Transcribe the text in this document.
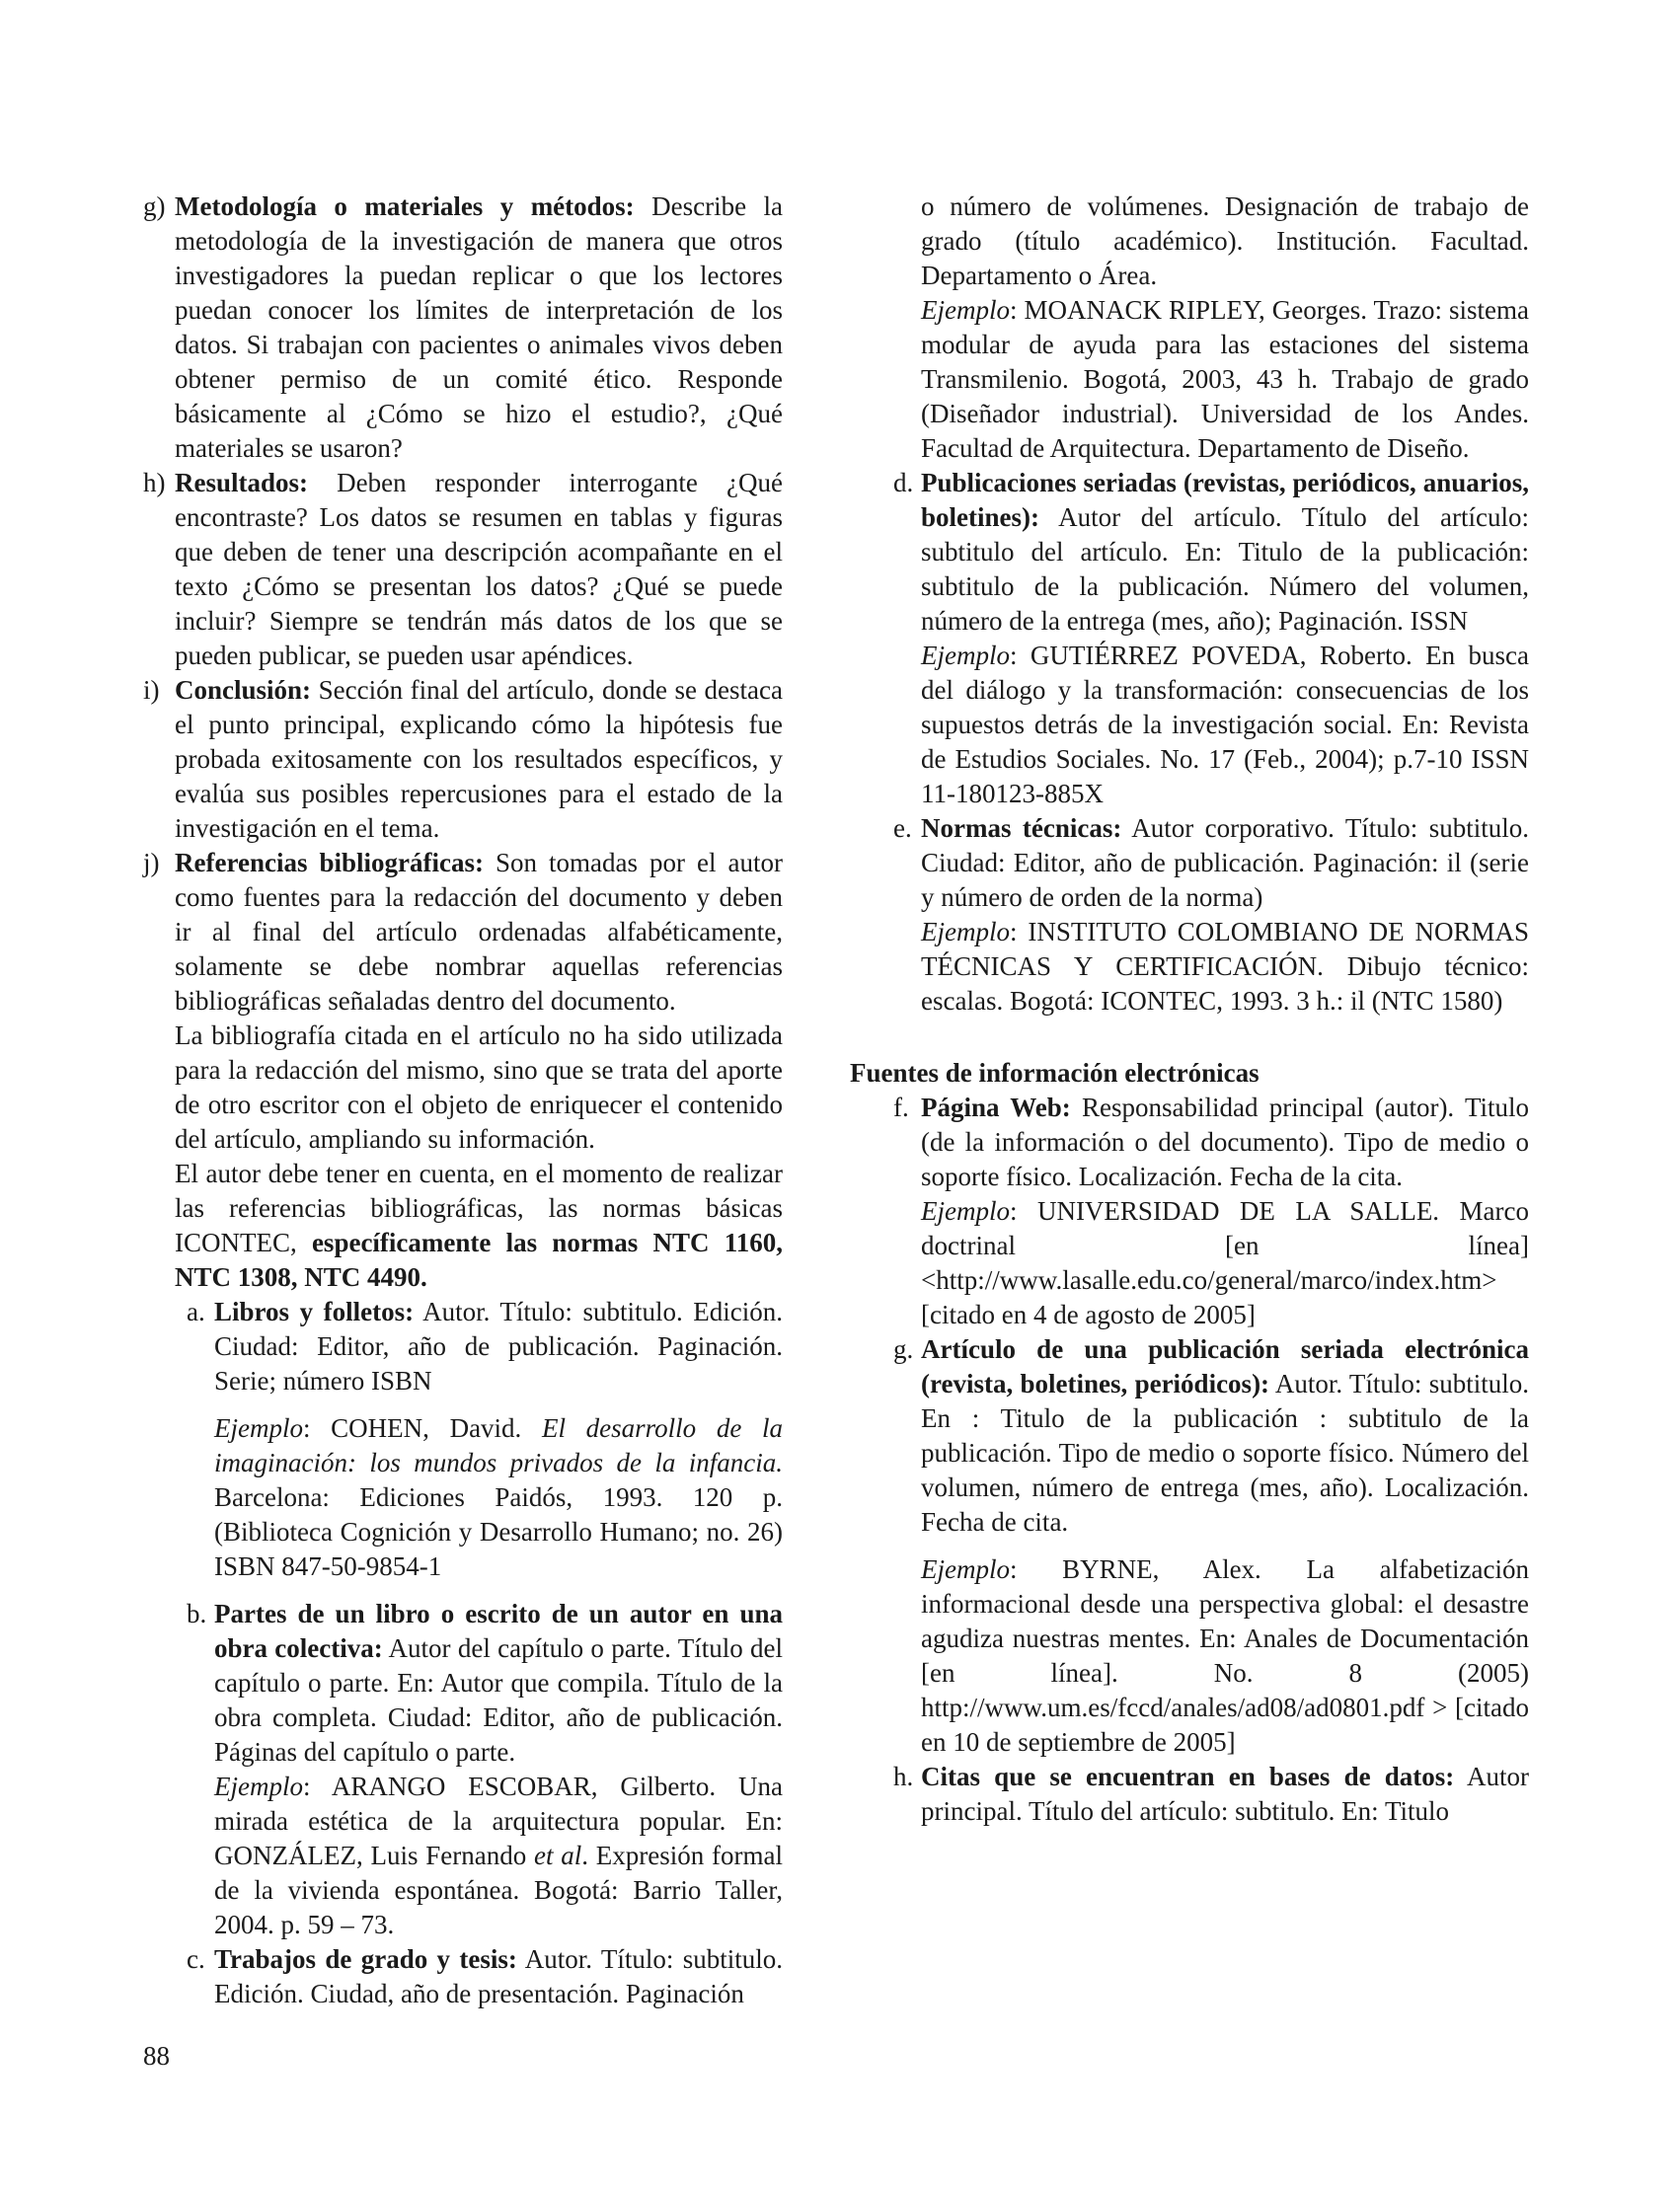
g) Metodología o materiales y métodos: Describe la metodología de la investigación de manera que otros investigadores la puedan replicar o que los lectores puedan conocer los límites de interpretación de los datos. Si trabajan con pacientes o animales vivos deben obtener permiso de un comité ético. Responde básicamente al ¿Cómo se hizo el estudio?, ¿Qué materiales se usaron?
h) Resultados: Deben responder interrogante ¿Qué encontraste? Los datos se resumen en tablas y figuras que deben de tener una descripción acompañante en el texto ¿Cómo se presentan los datos? ¿Qué se puede incluir? Siempre se tendrán más datos de los que se pueden publicar, se pueden usar apéndices.
i) Conclusión: Sección final del artículo, donde se destaca el punto principal, explicando cómo la hipótesis fue probada exitosamente con los resultados específicos, y evalúa sus posibles repercusiones para el estado de la investigación en el tema.
j) Referencias bibliográficas: Son tomadas por el autor como fuentes para la redacción del documento y deben ir al final del artículo ordenadas alfabéticamente, solamente se debe nombrar aquellas referencias bibliográficas señaladas dentro del documento.
La bibliografía citada en el artículo no ha sido utilizada para la redacción del mismo, sino que se trata del aporte de otro escritor con el objeto de enriquecer el contenido del artículo, ampliando su información.
El autor debe tener en cuenta, en el momento de realizar las referencias bibliográficas, las normas básicas ICONTEC, específicamente las normas NTC 1160, NTC 1308, NTC 4490.
a. Libros y folletos: Autor. Título: subtitulo. Edición. Ciudad: Editor, año de publicación. Paginación. Serie; número ISBN
Ejemplo: COHEN, David. El desarrollo de la imaginación: los mundos privados de la infancia. Barcelona: Ediciones Paidós, 1993. 120 p. (Biblioteca Cognición y Desarrollo Humano; no. 26) ISBN 847-50-9854-1
b. Partes de un libro o escrito de un autor en una obra colectiva: Autor del capítulo o parte. Título del capítulo o parte. En: Autor que compila. Título de la obra completa. Ciudad: Editor, año de publicación. Páginas del capítulo o parte.
Ejemplo: ARANGO ESCOBAR, Gilberto. Una mirada estética de la arquitectura popular. En: GONZÁLEZ, Luis Fernando et al. Expresión formal de la vivienda espontánea. Bogotá: Barrio Taller, 2004. p. 59 – 73.
c. Trabajos de grado y tesis: Autor. Título: subtitulo. Edición. Ciudad, año de presentación. Paginación
o número de volúmenes. Designación de trabajo de grado (título académico). Institución. Facultad. Departamento o Área.
Ejemplo: MOANACK RIPLEY, Georges. Trazo: sistema modular de ayuda para las estaciones del sistema Transmilenio. Bogotá, 2003, 43 h. Trabajo de grado (Diseñador industrial). Universidad de los Andes. Facultad de Arquitectura. Departamento de Diseño.
d. Publicaciones seriadas (revistas, periódicos, anuarios, boletines): Autor del artículo. Título del artículo: subtitulo del artículo. En: Titulo de la publicación: subtitulo de la publicación. Número del volumen, número de la entrega (mes, año); Paginación. ISSN
Ejemplo: GUTIÉRREZ POVEDA, Roberto. En busca del diálogo y la transformación: consecuencias de los supuestos detrás de la investigación social. En: Revista de Estudios Sociales. No. 17 (Feb., 2004); p.7-10 ISSN 11-180123-885X
e. Normas técnicas: Autor corporativo. Título: subtitulo. Ciudad: Editor, año de publicación. Paginación: il (serie y número de orden de la norma)
Ejemplo: INSTITUTO COLOMBIANO DE NORMAS TÉCNICAS Y CERTIFICACIÓN. Dibujo técnico: escalas. Bogotá: ICONTEC, 1993. 3 h.: il (NTC 1580)
Fuentes de información electrónicas
f. Página Web: Responsabilidad principal (autor). Titulo (de la información o del documento). Tipo de medio o soporte físico. Localización. Fecha de la cita.
Ejemplo: UNIVERSIDAD DE LA SALLE. Marco doctrinal [en línea] <http://www.lasalle.edu.co/general/marco/index.htm> [citado en 4 de agosto de 2005]
g. Artículo de una publicación seriada electrónica (revista, boletines, periódicos): Autor. Título: subtitulo. En : Titulo de la publicación : subtitulo de la publicación. Tipo de medio o soporte físico. Número del volumen, número de entrega (mes, año). Localización. Fecha de cita.
Ejemplo: BYRNE, Alex. La alfabetización informacional desde una perspectiva global: el desastre agudiza nuestras mentes. En: Anales de Documentación [en línea]. No. 8 (2005) http://www.um.es/fccd/anales/ad08/ad0801.pdf > [citado en 10 de septiembre de 2005]
h. Citas que se encuentran en bases de datos: Autor principal. Título del artículo: subtitulo. En: Titulo
88
